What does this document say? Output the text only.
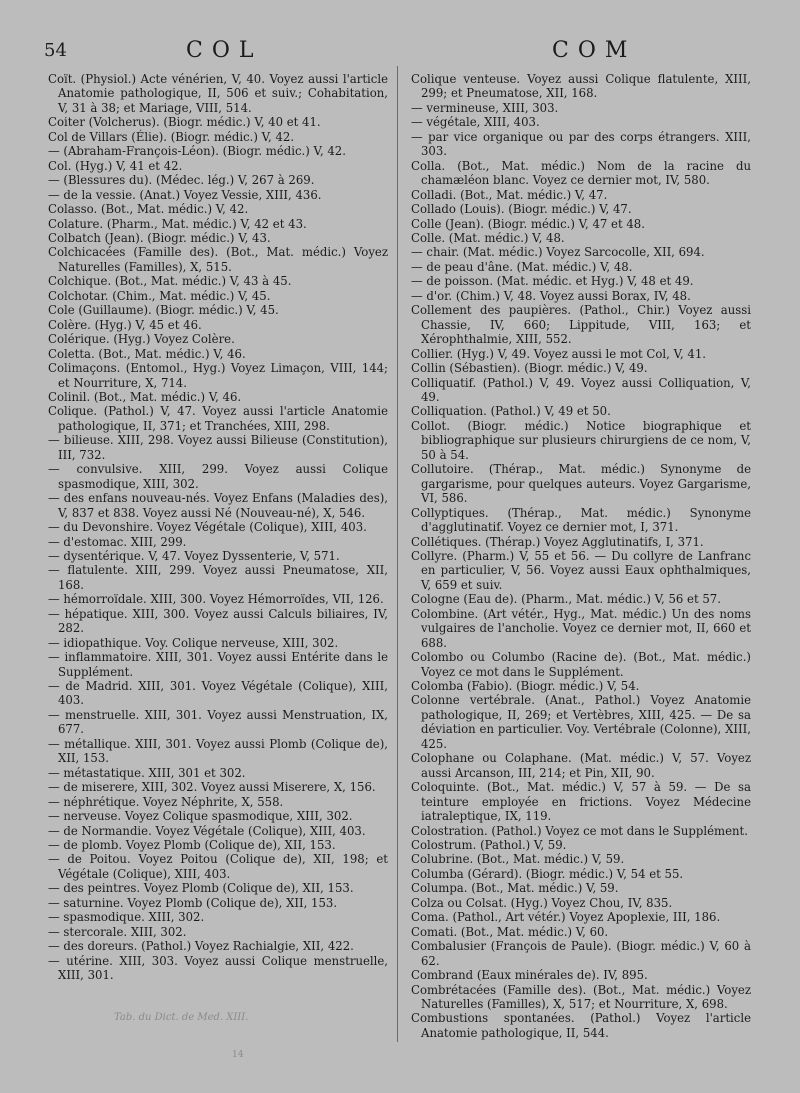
54	COL	COM
Coït. (Physiol.) Acte vénérien, V, 40. Voyez aussi l'article Anatomie pathologique, II, 506 et suiv.; Cohabitation, V, 31 à 38; et Mariage, VIII, 514.
Coiter (Volcherus). (Biogr. médic.) V, 40 et 41.
Col de Villars (Élie). (Biogr. médic.) V, 42.
— (Abraham-François-Léon). (Biogr. médic.) V, 42.
Col. (Hyg.) V, 41 et 42.
— (Blessures du). (Médec. lég.) V, 267 à 269.
— de la vessie. (Anat.) Voyez Vessie, XIII, 436.
Colasso. (Bot., Mat. médic.) V, 42.
Colature. (Pharm., Mat. médic.) V, 42 et 43.
Colbatch (Jean). (Biogr. médic.) V, 43.
Colchicacées (Famille des). (Bot., Mat. médic.) Voyez Naturelles (Familles), X, 515.
Colchique. (Bot., Mat. médic.) V, 43 à 45.
Colchotar. (Chim., Mat. médic.) V, 45.
Cole (Guillaume). (Biogr. médic.) V, 45.
Colère. (Hyg.) V, 45 et 46.
Colérique. (Hyg.) Voyez Colère.
Coletta. (Bot., Mat. médic.) V, 46.
Colimaçons. (Entomol., Hyg.) Voyez Limaçon, VIII, 144; et Nourriture, X, 714.
Colinil. (Bot., Mat. médic.) V, 46.
Colique. (Pathol.) V, 47. Voyez aussi l'article Anatomie pathologique, II, 371; et Tranchées, XIII, 298.
— bilieuse. XIII, 298. Voyez aussi Bilieuse (Constitution), III, 732.
— convulsive. XIII, 299. Voyez aussi Colique spasmodique, XIII, 302.
— des enfans nouveau-nés. Voyez Enfans (Maladies des), V, 837 et 838. Voyez aussi Né (Nouveau-né), X, 546.
— du Devonshire. Voyez Végétale (Colique), XIII, 403.
— d'estomac. XIII, 299.
— dysentérique. V, 47. Voyez Dyssenterie, V, 571.
— flatulente. XIII, 299. Voyez aussi Pneumatose, XII, 168.
— hémorroïdale. XIII, 300. Voyez Hémorroïdes, VII, 126.
— hépatique. XIII, 300. Voyez aussi Calculs biliaires, IV, 282.
— idiopathique. Voy. Colique nerveuse, XIII, 302.
— inflammatoire. XIII, 301. Voyez aussi Entérite dans le Supplément.
— de Madrid. XIII, 301. Voyez Végétale (Colique), XIII, 403.
— menstruelle. XIII, 301. Voyez aussi Menstruation, IX, 677.
— métallique. XIII, 301. Voyez aussi Plomb (Colique de), XII, 153.
— métastatique. XIII, 301 et 302.
— de miserere, XIII, 302. Voyez aussi Miserere, X, 156.
— néphrétique. Voyez Néphrite, X, 558.
— nerveuse. Voyez Colique spasmodique, XIII, 302.
— de Normandie. Voyez Végétale (Colique), XIII, 403.
— de plomb. Voyez Plomb (Colique de), XII, 153.
— de Poitou. Voyez Poitou (Colique de), XII, 198; et Végétale (Colique), XIII, 403.
— des peintres. Voyez Plomb (Colique de), XII, 153.
— saturnine. Voyez Plomb (Colique de), XII, 153.
— spasmodique. XIII, 302.
— stercorale. XIII, 302.
— des doreurs. (Pathol.) Voyez Rachialgie, XII, 422.
— utérine. XIII, 303. Voyez aussi Colique menstruelle, XIII, 301.
Colique venteuse. Voyez aussi Colique flatulente, XIII, 299; et Pneumatose, XII, 168.
— vermineuse, XIII, 303.
— végétale, XIII, 403.
— par vice organique ou par des corps étrangers. XIII, 303.
Colla. (Bot., Mat. médic.) Nom de la racine du chamæléon blanc. Voyez ce dernier mot, IV, 580.
Colladi. (Bot., Mat. médic.) V, 47.
Collado (Louis). (Biogr. médic.) V, 47.
Colle (Jean). (Biogr. médic.) V, 47 et 48.
Colle. (Mat. médic.) V, 48.
— chair. (Mat. médic.) Voyez Sarcocolle, XII, 694.
— de peau d'âne. (Mat. médic.) V, 48.
— de poisson. (Mat. médic. et Hyg.) V, 48 et 49.
— d'or. (Chim.) V, 48. Voyez aussi Borax, IV, 48.
Collement des paupières. (Pathol., Chir.) Voyez aussi Chassie, IV, 660; Lippitude, VIII, 163; et Xérophthalmie, XIII, 552.
Collier. (Hyg.) V, 49. Voyez aussi le mot Col, V, 41.
Collin (Sébastien). (Biogr. médic.) V, 49.
Colliquatif. (Pathol.) V, 49. Voyez aussi Colliquation, V, 49.
Colliquation. (Pathol.) V, 49 et 50.
Collot. (Biogr. médic.) Notice biographique et bibliographique sur plusieurs chirurgiens de ce nom, V, 50 à 54.
Collutoire. (Thérap., Mat. médic.) Synonyme de gargarisme, pour quelques auteurs. Voyez Gargarisme, VI, 586.
Collyptiques. (Thérap., Mat. médic.) Synonyme d'agglutinatif. Voyez ce dernier mot, I, 371.
Collétiques. (Thérap.) Voyez Agglutinatifs, I, 371.
Collyre. (Pharm.) V, 55 et 56. — Du collyre de Lanfranc en particulier, V, 56. Voyez aussi Eaux ophthalmiques, V, 659 et suiv.
Cologne (Eau de). (Pharm., Mat. médic.) V, 56 et 57.
Colombine. (Art vétér., Hyg., Mat. médic.) Un des noms vulgaires de l'ancholie. Voyez ce dernier mot, II, 660 et 688.
Colombo ou Columbo (Racine de). (Bot., Mat. médic.) Voyez ce mot dans le Supplément.
Colomba (Fabio). (Biogr. médic.) V, 54.
Colonne vertébrale. (Anat., Pathol.) Voyez Anatomie pathologique, II, 269; et Vertèbres, XIII, 425. — De sa déviation en particulier. Voy. Vertébrale (Colonne), XIII, 425.
Colophane ou Colaphane. (Mat. médic.) V, 57. Voyez aussi Arcanson, III, 214; et Pin, XII, 90.
Coloquinte. (Bot., Mat. médic.) V, 57 à 59. — De sa teinture employée en frictions. Voyez Médecine iatraleptique, IX, 119.
Colostration. (Pathol.) Voyez ce mot dans le Supplément.
Colostrum. (Pathol.) V, 59.
Colubrine. (Bot., Mat. médic.) V, 59.
Columba (Gérard). (Biogr. médic.) V, 54 et 55.
Columpa. (Bot., Mat. médic.) V, 59.
Colza ou Colsat. (Hyg.) Voyez Chou, IV, 835.
Coma. (Pathol., Art vétér.) Voyez Apoplexie, III, 186.
Comati. (Bot., Mat. médic.) V, 60.
Combalusier (François de Paule). (Biogr. médic.) V, 60 à 62.
Combrand (Eaux minérales de). IV, 895.
Combrétacées (Famille des). (Bot., Mat. médic.) Voyez Naturelles (Familles), X, 517; et Nourriture, X, 698.
Combustions spontanées. (Pathol.) Voyez l'article Anatomie pathologique, II, 544.
Tab. du Dict. de Med. XIII.
14
